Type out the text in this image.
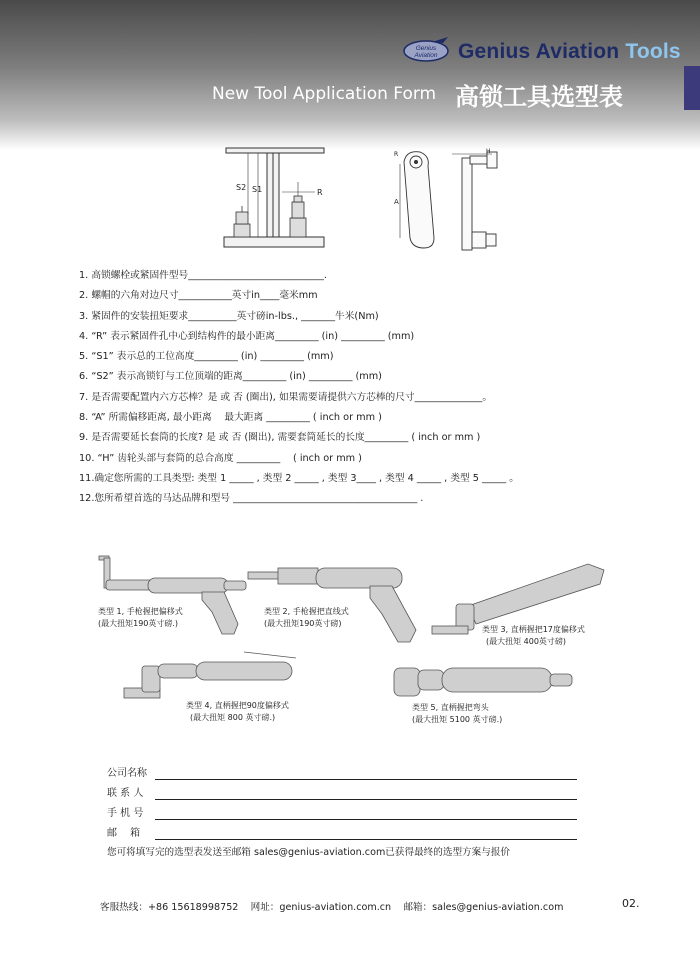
Genius
Aviation Genius Aviation Tools
New Tool Application Form 高锁工具选型表
S2 S1	R
R
A
H
1. 高锁螺栓或紧固件型号____________________________.
2. 螺帽的六角对边尺寸___________英寸in____毫米mm
3. 紧固件的安装扭矩要求__________英寸磅in-lbs., _______牛米(Nm)
4. “R” 表示紧固件孔中心到结构件的最小距离_________ (in) _________ (mm)
5. “S1” 表示总的工位高度_________ (in) _________ (mm)
6. “S2” 表示高锁钉与工位顶端的距离_________ (in) _________ (mm)
7. 是否需要配置内六方芯棒？是 或 否 (圈出), 如果需要请提供六方芯棒的尺寸______________。
8. “A” 所需偏移距离, 最小距离 　最大距离 _________ ( inch or mm )
9. 是否需要延长套筒的长度? 是 或 否 (圈出), 需要套筒延长的长度_________ ( inch or mm )
10. “H” 齿轮头部与套筒的总合高度 _________ 　( inch or mm )
11.确定您所需的工具类型: 类型 1 _____ , 类型 2 _____ , 类型 3____ , 类型 4 _____ , 类型 5 _____ 。
12.您所希望首选的马达品牌和型号 ______________________________________ .
类型 1, 手枪握把偏移式
(最大扭矩190英寸磅.)
类型 2, 手枪握把直线式
(最大扭矩190英寸磅)
类型 3, 直柄握把17度偏移式
(最大扭矩 400英寸磅)
类型 4, 直柄握把90度偏移式
(最大扭矩 800 英寸磅.)
类型 5, 直柄握把弯头
(最大扭矩 5100 英寸磅.)
公司名称
联 系 人
手 机 号
邮　 箱
您可将填写完的选型表发送至邮箱 sales@genius-aviation.com已获得最终的选型方案与报价
客服热线：+86 15618998752 网址：genius-aviation.com.cn 邮箱：sales@genius-aviation.com	02.
